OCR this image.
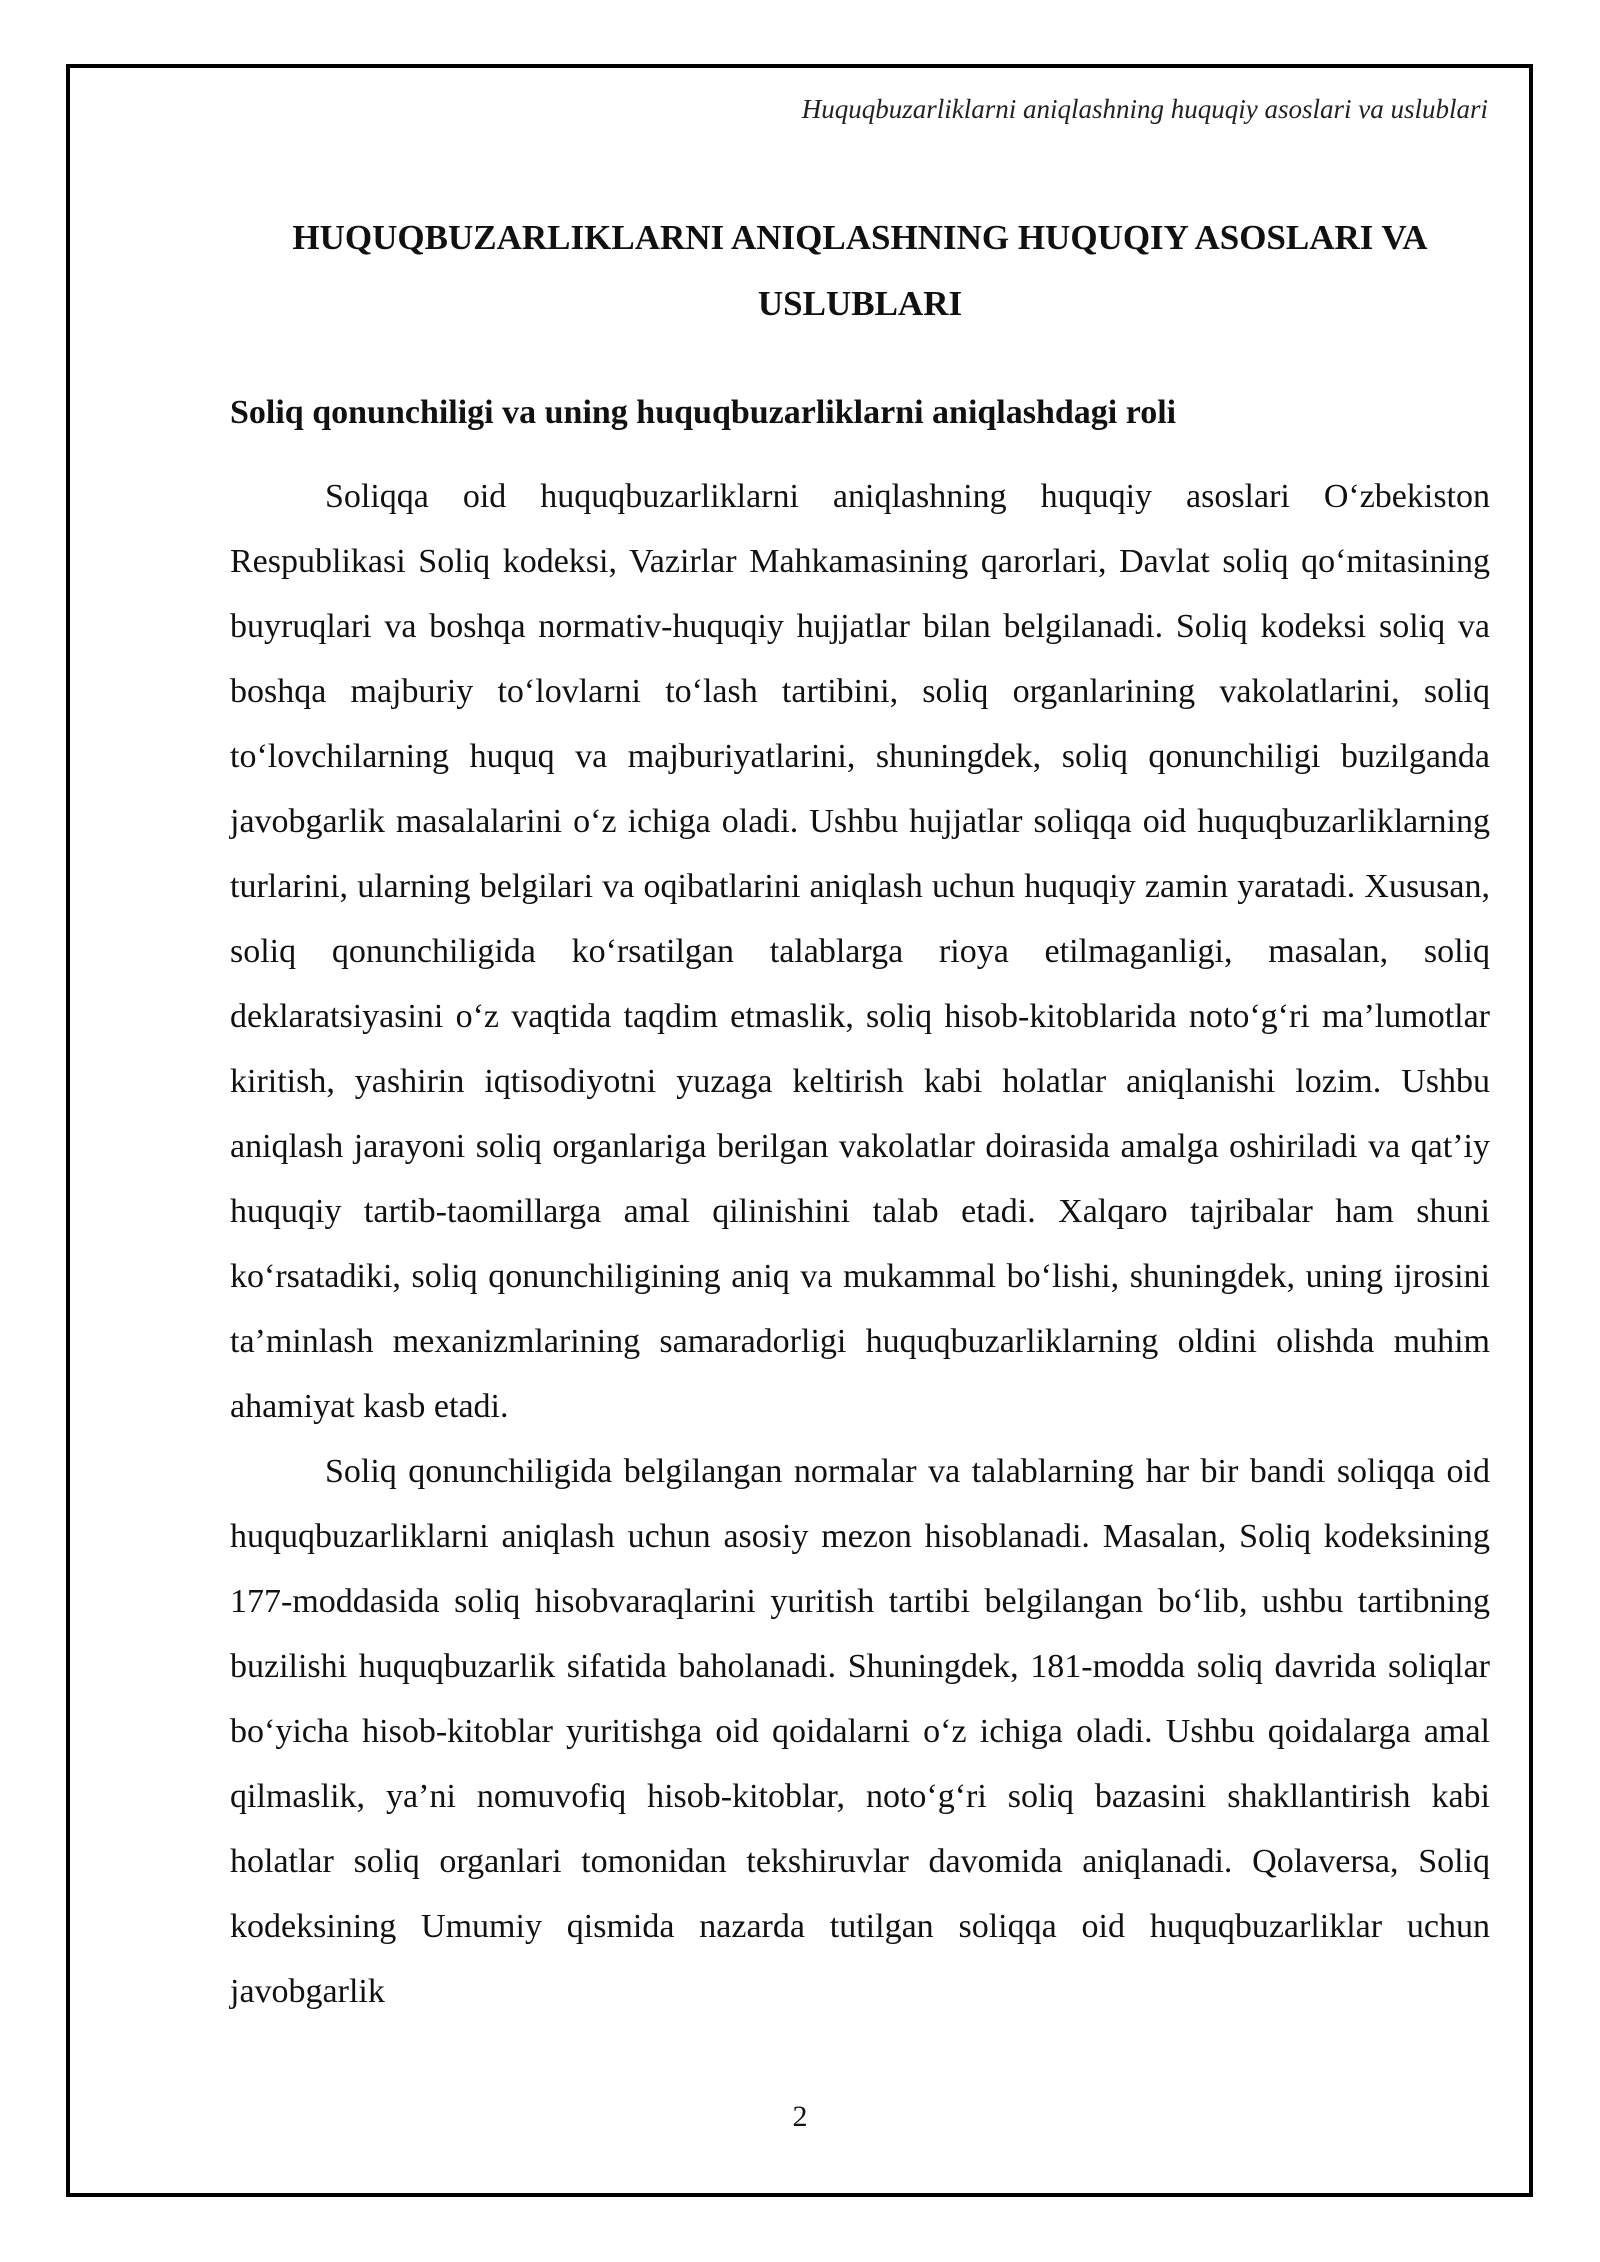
Huquqbuzarliklarni aniqlashning huquqiy asoslari va uslublari
HUQUQBUZARLIKLARNI ANIQLASHNING HUQUQIY ASOSLARI VA
USLUBLARI
Soliq qonunchiligi va uning huquqbuzarliklarni aniqlashdagi roli

Soliqqa oid huquqbuzarliklarni aniqlashning huquqiy asoslari O‘zbekiston Respublikasi Soliq kodeksi, Vazirlar Mahkamasining qarorlari, Davlat soliq qo‘mitasining buyruqlari va boshqa normativ-huquqiy hujjatlar bilan belgilanadi. Soliq kodeksi soliq va boshqa majburiy to‘lovlarni to‘lash tartibini, soliq organlarining vakolatlarini, soliq to‘lovchilarning huquq va majburiyatlarini, shuningdek, soliq qonunchiligi buzilganda javobgarlik masalalarini o‘z ichiga oladi. Ushbu hujjatlar soliqqa oid huquqbuzarliklarning turlarini, ularning belgilari va oqibatlarini aniqlash uchun huquqiy zamin yaratadi. Xususan, soliq qonunchiligida ko‘rsatilgan talablarga rioya etilmaganligi, masalan, soliq deklaratsiyasini o‘z vaqtida taqdim etmaslik, soliq hisob-kitoblarida noto‘g‘ri ma’lumotlar kiritish, yashirin iqtisodiyotni yuzaga keltirish kabi holatlar aniqlanishi lozim. Ushbu aniqlash jarayoni soliq organlariga berilgan vakolatlar doirasida amalga oshiriladi va qat’iy huquqiy tartib-taomillarga amal qilinishini talab etadi. Xalqaro tajribalar ham shuni ko‘rsatadiki, soliq qonunchiligining aniq va mukammal bo‘lishi, shuningdek, uning ijrosini ta’minlash mexanizmlarining samaradorligi huquqbuzarliklarning oldini olishda muhim ahamiyat kasb etadi.

Soliq qonunchiligida belgilangan normalar va talablarning har bir bandi soliqqa oid huquqbuzarliklarni aniqlash uchun asosiy mezon hisoblanadi. Masalan, Soliq kodeksining 177-moddasida soliq hisobvaraqlarini yuritish tartibi belgilangan bo‘lib, ushbu tartibning buzilishi huquqbuzarlik sifatida baholanadi. Shuningdek, 181-modda soliq davrida soliqlar bo‘yicha hisob-kitoblar yuritishga oid qoidalarni o‘z ichiga oladi. Ushbu qoidalarga amal qilmaslik, ya’ni nomuvofiq hisob-kitoblar, noto‘g‘ri soliq bazasini shakllantirish kabi holatlar soliq organlari tomonidan tekshiruvlar davomida aniqlanadi. Qolaversa, Soliq kodeksining Umumiy qismida nazarda tutilgan soliqqa oid huquqbuzarliklar uchun javobgarlik

2
